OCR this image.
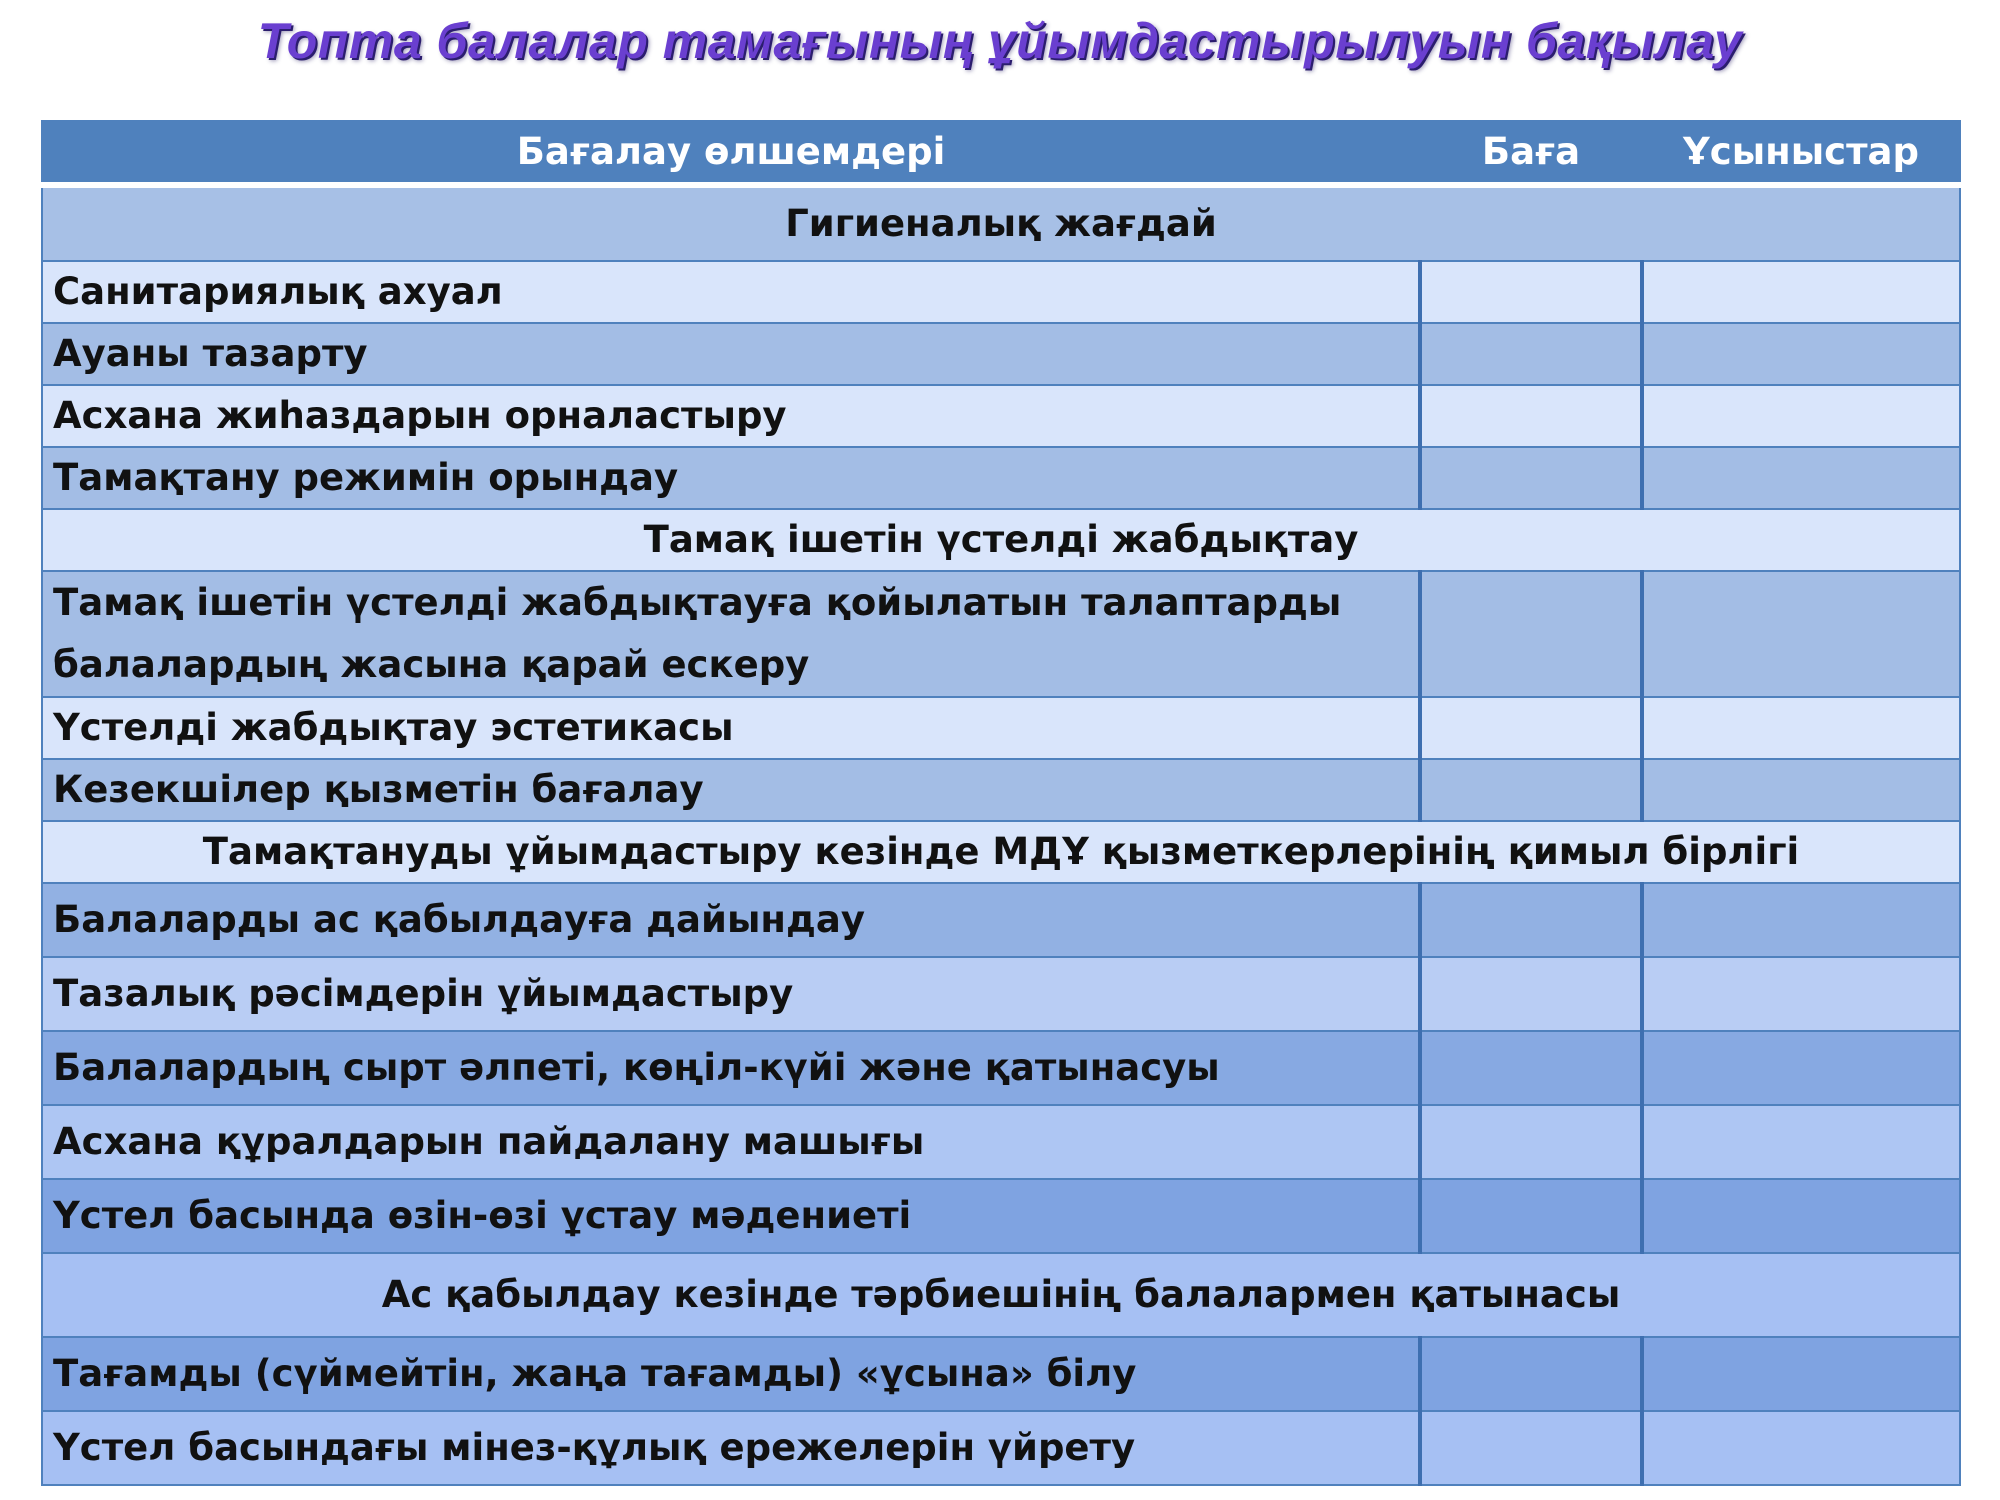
Топта балалар тамағының ұйымдастырылуын бақылау
Бағалау өлшемдері	Баға	Ұсыныстар
Гигиеналық жағдай		
Санитариялық ахуал		
Ауаны тазарту		
Асхана жиһаздарын орналастыру		
Тамақтану режимін орындау		
Тамақ ішетін үстелді жабдықтау		
Тамақ ішетін үстелді жабдықтауға қойылатын талаптарды балалардың жасына қарай ескеру		
Үстелді жабдықтау эстетикасы		
Кезекшілер қызметін бағалау		
Тамақтануды ұйымдастыру кезінде МДҰ қызметкерлерінің қимыл бірлігі		
Балаларды ас қабылдауға дайындау		
Тазалық рәсімдерін ұйымдастыру		
Балалардың сырт әлпеті, көңіл-күйі және қатынасуы		
Асхана құралдарын пайдалану машығы		
Үстел басында өзін-өзі ұстау мәдениеті		
Ас қабылдау кезінде тәрбиешінің балалармен қатынасы		
Тағамды (сүймейтін, жаңа тағамды) «ұсына» білу		
Үстел басындағы мінез-құлық ережелерін үйрету		
